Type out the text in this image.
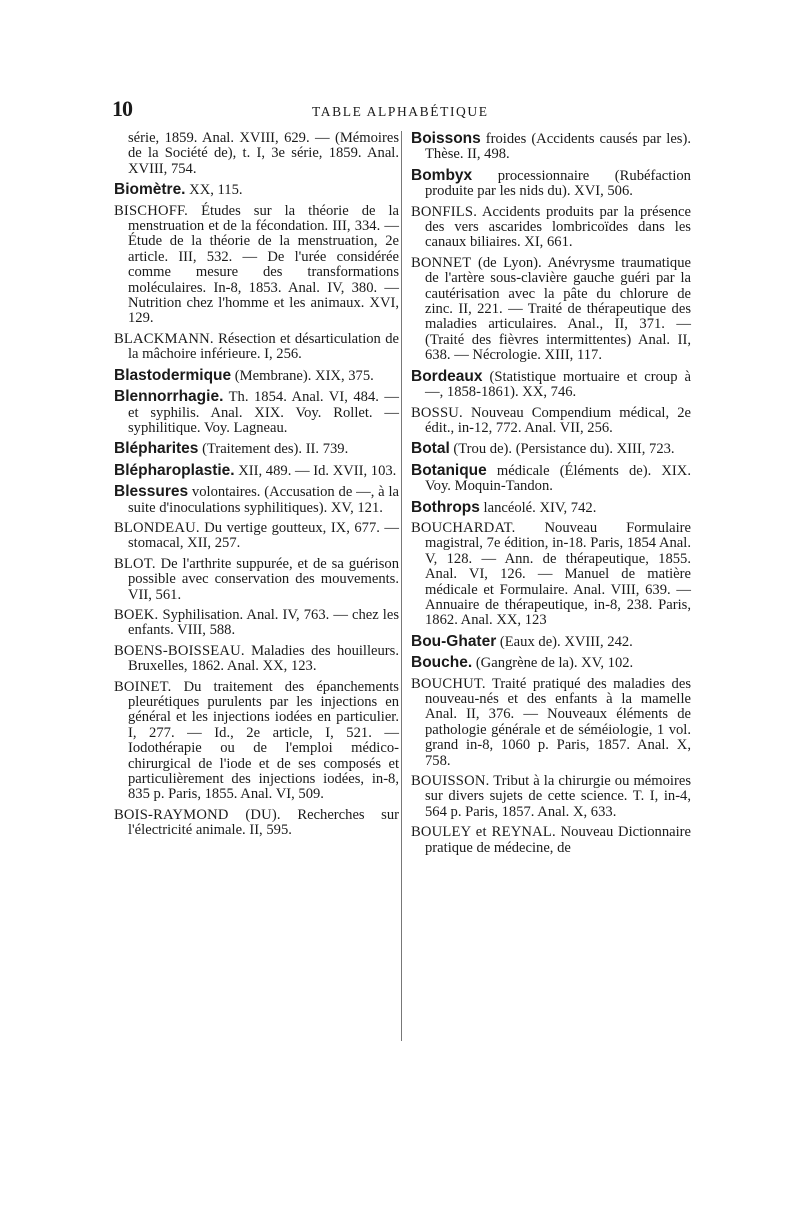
10	TABLE ALPHABÉTIQUE

série, 1859. Anal. XVIII, 629. — (Mémoires de la Société de), t. I, 3e série, 1859. Anal. XVIII, 754.

Biomètre. XX, 115.

BISCHOFF. Études sur la théorie de la menstruation et de la fécondation. III, 334. — Étude de la théorie de la menstruation, 2e article. III, 532. — De l'urée considérée comme mesure des transformations moléculaires. In-8, 1853. Anal. IV, 380. — Nutrition chez l'homme et les animaux. XVI, 129.

BLACKMANN. Résection et désarticulation de la mâchoire inférieure. I, 256.

Blastodermique (Membrane). XIX, 375.

Blennorrhagie. Th. 1854. Anal. VI, 484. — et syphilis. Anal. XIX. Voy. Rollet. — syphilitique. Voy. Lagneau.

Blépharites (Traitement des). II. 739.

Blépharoplastie. XII, 489. — Id. XVII, 103.

Blessures volontaires. (Accusation de —, à la suite d'inoculations syphilitiques). XV, 121.

BLONDEAU. Du vertige goutteux, IX, 677. — stomacal, XII, 257.

BLOT. De l'arthrite suppurée, et de sa guérison possible avec conservation des mouvements. VII, 561.

BOEK. Syphilisation. Anal. IV, 763. — chez les enfants. VIII, 588.

BOENS-BOISSEAU. Maladies des houilleurs. Bruxelles, 1862. Anal. XX, 123.

BOINET. Du traitement des épanchements pleurétiques purulents par les injections en général et les injections iodées en particulier. I, 277. — Id., 2e article, I, 521. — Iodothérapie ou de l'emploi médico-chirurgical de l'iode et de ses composés et particulièrement des injections iodées, in-8, 835 p. Paris, 1855. Anal. VI, 509.

BOIS-RAYMOND (DU). Recherches sur l'électricité animale. II, 595.

Boissons froides (Accidents causés par les). Thèse. II, 498.

Bombyx processionnaire (Rubéfaction produite par les nids du). XVI, 506.

BONFILS. Accidents produits par la présence des vers ascarides lombricoïdes dans les canaux biliaires. XI, 661.

BONNET (de Lyon). Anévrysme traumatique de l'artère sous-clavière gauche guéri par la cautérisation avec la pâte du chlorure de zinc. II, 221. — Traité de thérapeutique des maladies articulaires. Anal., II, 371. — (Traité des fièvres intermittentes) Anal. II, 638. — Nécrologie. XIII, 117.

Bordeaux (Statistique mortuaire et croup à —, 1858-1861). XX, 746.

BOSSU. Nouveau Compendium médical, 2e édit., in-12, 772. Anal. VII, 256.

Botal (Trou de). (Persistance du). XIII, 723.

Botanique médicale (Éléments de). XIX. Voy. Moquin-Tandon.

Bothrops lancéolé. XIV, 742.

BOUCHARDAT. Nouveau Formulaire magistral, 7e édition, in-18. Paris, 1854 Anal. V, 128. — Ann. de thérapeutique, 1855. Anal. VI, 126. — Manuel de matière médicale et Formulaire. Anal. VIII, 639. — Annuaire de thérapeutique, in-8, 238. Paris, 1862. Anal. XX, 123

Bou-Ghater (Eaux de). XVIII, 242.

Bouche. (Gangrène de la). XV, 102.

BOUCHUT. Traité pratiqué des maladies des nouveau-nés et des enfants à la mamelle Anal. II, 376. — Nouveaux éléments de pathologie générale et de séméiologie, 1 vol. grand in-8, 1060 p. Paris, 1857. Anal. X, 758.

BOUISSON. Tribut à la chirurgie ou mémoires sur divers sujets de cette science. T. I, in-4, 564 p. Paris, 1857. Anal. X, 633.

BOULEY et REYNAL. Nouveau Dictionnaire pratique de médecine, de
